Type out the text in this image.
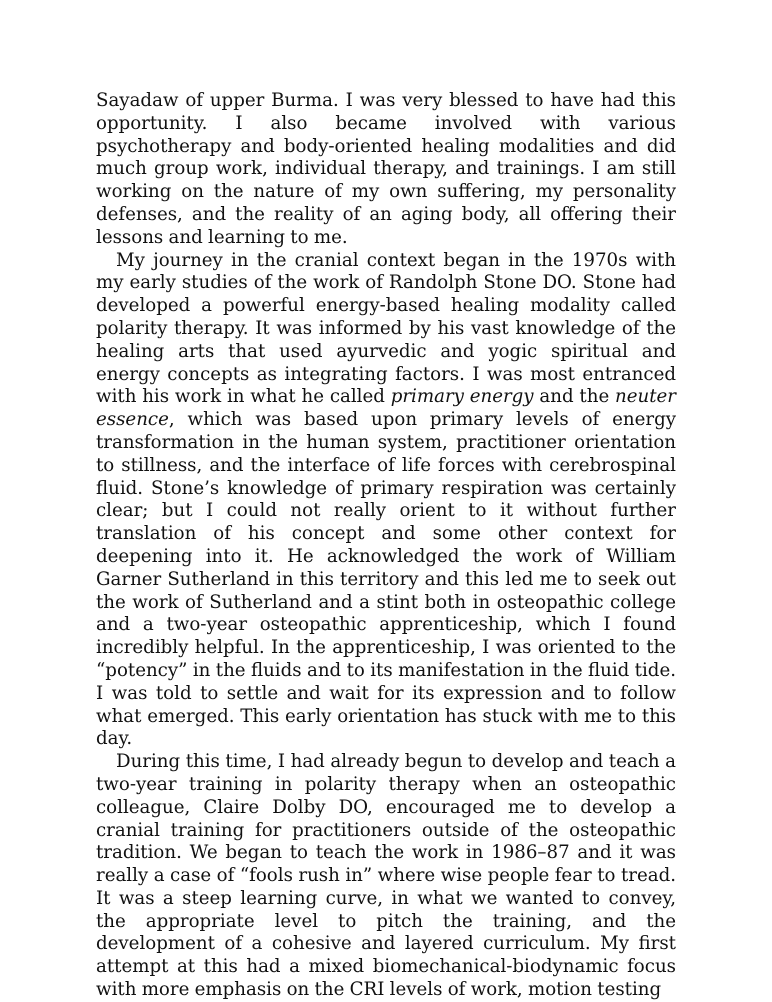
Sayadaw of upper Burma. I was very blessed to have had this opportunity. I also became involved with various psychotherapy and body-oriented healing modalities and did much group work, individual therapy, and trainings. I am still working on the nature of my own suffering, my personality defenses, and the reality of an aging body, all offering their lessons and learning to me.

My journey in the cranial context began in the 1970s with my early studies of the work of Randolph Stone DO. Stone had developed a powerful energy-based healing modality called polarity therapy. It was informed by his vast knowledge of the healing arts that used ayurvedic and yogic spiritual and energy concepts as integrating factors. I was most entranced with his work in what he called primary energy and the neuter essence, which was based upon primary levels of energy transformation in the human system, practitioner orientation to stillness, and the interface of life forces with cerebrospinal fluid. Stone’s knowledge of primary respiration was certainly clear; but I could not really orient to it without further translation of his concept and some other context for deepening into it. He acknowledged the work of William Garner Sutherland in this territory and this led me to seek out the work of Sutherland and a stint both in osteopathic college and a two-year osteopathic apprenticeship, which I found incredibly helpful. In the apprenticeship, I was oriented to the “potency” in the fluids and to its manifestation in the fluid tide. I was told to settle and wait for its expression and to follow what emerged. This early orientation has stuck with me to this day.

During this time, I had already begun to develop and teach a two-year training in polarity therapy when an osteopathic colleague, Claire Dolby DO, encouraged me to develop a cranial training for practitioners outside of the osteopathic tradition. We began to teach the work in 1986–87 and it was really a case of “fools rush in” where wise people fear to tread. It was a steep learning curve, in what we wanted to convey, the appropriate level to pitch the training, and the development of a cohesive and layered curriculum. My first attempt at this had a mixed biomechanical-biodynamic focus with more emphasis on the CRI levels of work, motion testing
